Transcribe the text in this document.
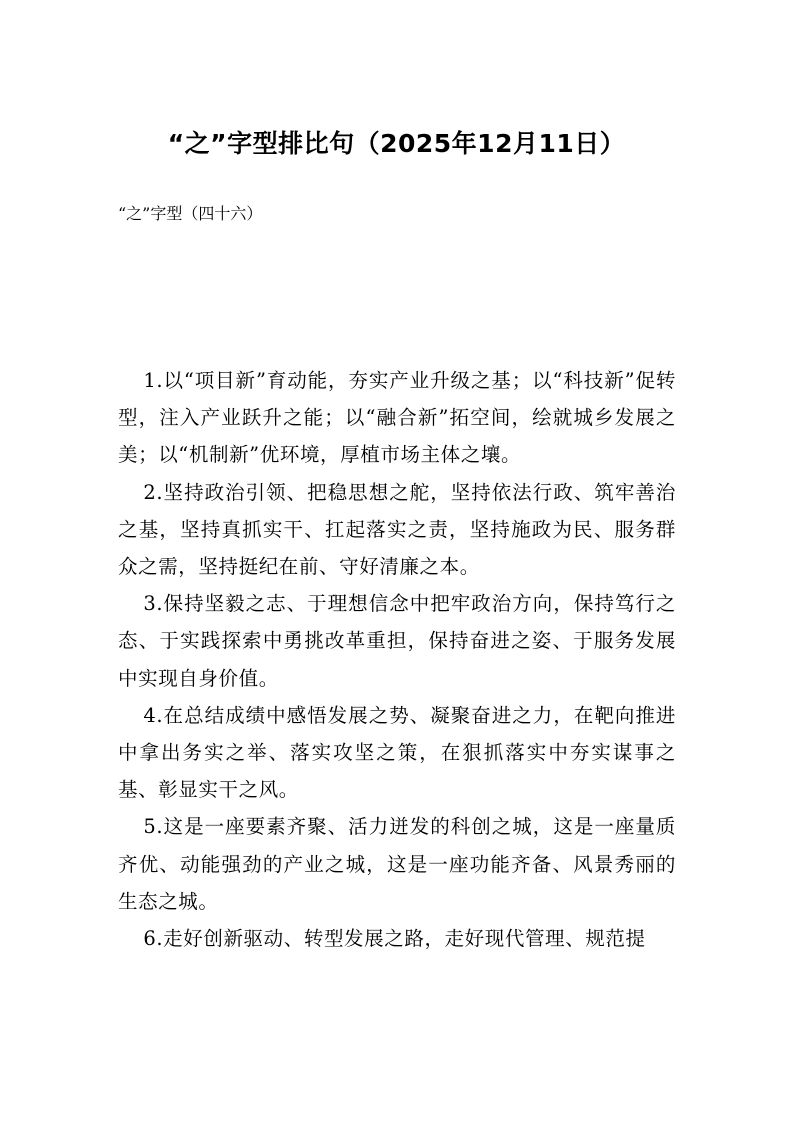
“之”字型排比句（2025年12月11日）
“之”字型（四十六）

1.以“项目新”育动能，夯实产业升级之基；以“科技新”促转型，注入产业跃升之能；以“融合新”拓空间，绘就城乡发展之美；以“机制新”优环境，厚植市场主体之壤。

2.坚持政治引领、把稳思想之舵，坚持依法行政、筑牢善治之基，坚持真抓实干、扛起落实之责，坚持施政为民、服务群众之需，坚持挺纪在前、守好清廉之本。

3.保持坚毅之志、于理想信念中把牢政治方向，保持笃行之态、于实践探索中勇挑改革重担，保持奋进之姿、于服务发展中实现自身价值。

4.在总结成绩中感悟发展之势、凝聚奋进之力，在靶向推进中拿出务实之举、落实攻坚之策，在狠抓落实中夯实谋事之基、彰显实干之风。

5.这是一座要素齐聚、活力迸发的科创之城，这是一座量质齐优、动能强劲的产业之城，这是一座功能齐备、风景秀丽的生态之城。

6.走好创新驱动、转型发展之路，走好现代管理、规范提
